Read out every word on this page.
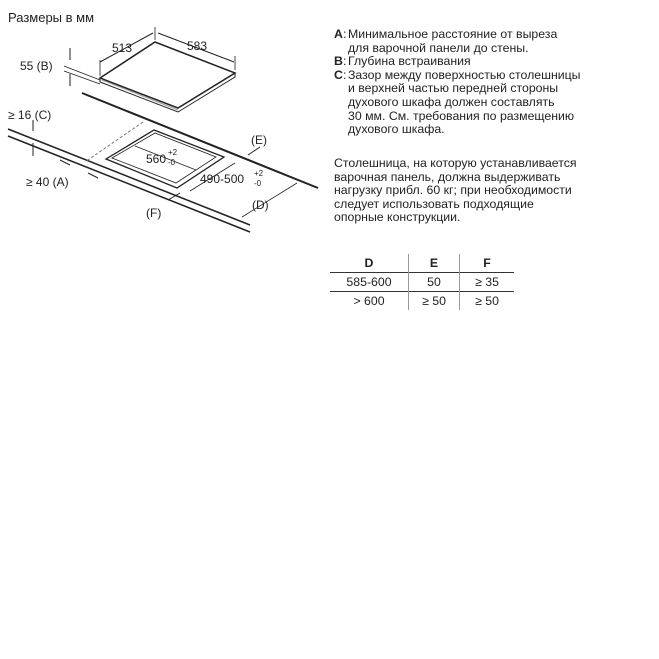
Размеры в мм
513	583
55 (B)
≥ 16 (C)
≥ 40 (A)
560 +2
-0
490-500 +2
-0
(E)
(D)
(F)
A : Минимальное расстояние от выреза
для варочной панели до стены.
B : Глубина встраивания
C : Зазор между поверхностью столешницы
и верхней частью передней стороны
духового шкафа должен составлять
30 мм. См. требования по размещению
духового шкафа.
Столешница, на которую устанавливается
варочная панель, должна выдерживать
нагрузку прибл. 60 кг; при необходимости
следует использовать подходящие
опорные конструкции.
D	E	F
585-600	50	≥ 35
> 600	≥ 50	≥ 50
